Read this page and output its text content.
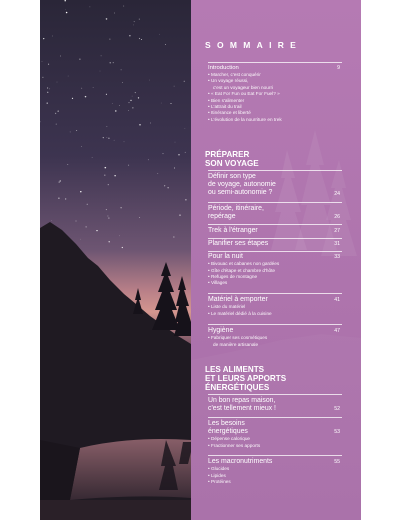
SOMMAIRE
Introduction	9
• Marcher, c'est conquérir
• Un voyage réussi,
c'est un voyageur bien nourri
• « Eat For Fun ou Eat For Fuel? »
• Bien s'alimenter
• L'attrait du trail
• Itinérance et liberté
• L'évolution de la nourriture en trek
PRÉPARER
SON VOYAGE
Définir son type
de voyage, autonomie
ou semi-autonomie ?	24
Période, itinéraire,
repérage	26
Trek à l'étranger	27
Planifier ses étapes	31
Pour la nuit	33
• Bivouac et cabanes non gardées
• Gîte d'étape et chambre d'hôte
• Refuges de montagne
• Villages
Matériel à emporter	41
• Liste du matériel
• Le matériel dédié à la cuisine
Hygiène	47
• Fabriquer ses cosmétiques
de manière artisanale
LES ALIMENTS
ET LEURS APPORTS
ÉNERGÉTIQUES
Un bon repas maison,
c'est tellement mieux !	52
Les besoins
énergétiques	53
• Dépense calorique
• Fractionner ses apports
Les macronutriments	55
• Glucides
• Lipides
• Protéines
